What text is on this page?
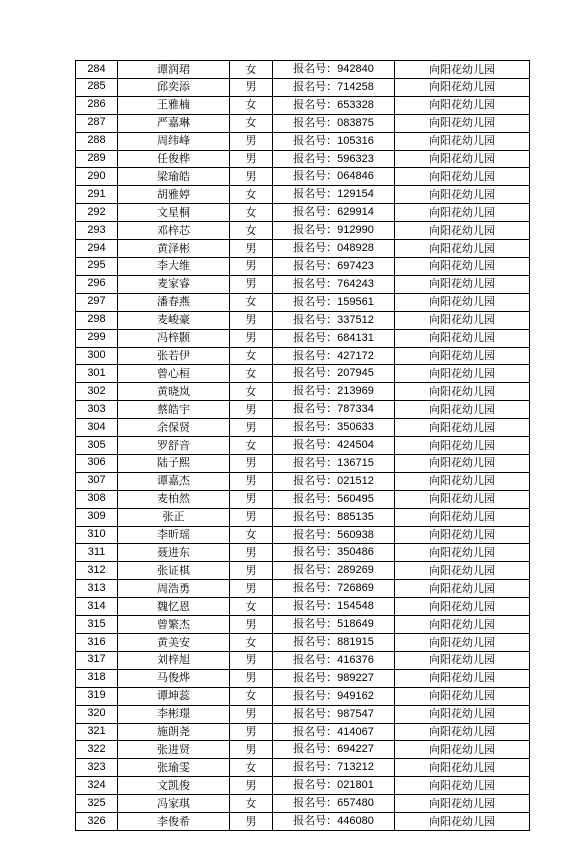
284	谭润珺	女	报名号：942840	向阳花幼儿园
285	邱奕添	男	报名号：714258	向阳花幼儿园
286	王雅楠	女	报名号：653328	向阳花幼儿园
287	严嘉琳	女	报名号：083875	向阳花幼儿园
288	周纬峰	男	报名号：105316	向阳花幼儿园
289	任俊桦	男	报名号：596323	向阳花幼儿园
290	梁瑜皓	男	报名号：064846	向阳花幼儿园
291	胡雅婷	女	报名号：129154	向阳花幼儿园
292	文星桐	女	报名号：629914	向阳花幼儿园
293	邓梓芯	女	报名号：912990	向阳花幼儿园
294	黄泽彬	男	报名号：048928	向阳花幼儿园
295	李大维	男	报名号：697423	向阳花幼儿园
296	麦家睿	男	报名号：764243	向阳花幼儿园
297	潘春燕	女	报名号：159561	向阳花幼儿园
298	麦峻豪	男	报名号：337512	向阳花幼儿园
299	冯梓颢	男	报名号：684131	向阳花幼儿园
300	张若伊	女	报名号：427172	向阳花幼儿园
301	曾心桓	女	报名号：207945	向阳花幼儿园
302	黄晓岚	女	报名号：213969	向阳花幼儿园
303	蔡皓宇	男	报名号：787334	向阳花幼儿园
304	余保贤	男	报名号：350633	向阳花幼儿园
305	罗舒音	女	报名号：424504	向阳花幼儿园
306	陆子熙	男	报名号：136715	向阳花幼儿园
307	谭嘉杰	男	报名号：021512	向阳花幼儿园
308	麦柏然	男	报名号：560495	向阳花幼儿园
309	张正	男	报名号：885135	向阳花幼儿园
310	李昕瑶	女	报名号：560938	向阳花幼儿园
311	聂进东	男	报名号：350486	向阳花幼儿园
312	张证棋	男	报名号：289269	向阳花幼儿园
313	周浩勇	男	报名号：726869	向阳花幼儿园
314	魏忆恩	女	报名号：154548	向阳花幼儿园
315	曾繁杰	男	报名号：518649	向阳花幼儿园
316	黄美安	女	报名号：881915	向阳花幼儿园
317	刘梓旭	男	报名号：416376	向阳花幼儿园
318	马俊烨	男	报名号：989227	向阳花幼儿园
319	谭坤蕊	女	报名号：949162	向阳花幼儿园
320	李彬璟	男	报名号：987547	向阳花幼儿园
321	施朗尧	男	报名号：414067	向阳花幼儿园
322	张进贤	男	报名号：694227	向阳花幼儿园
323	张瑜雯	女	报名号：713212	向阳花幼儿园
324	文凯俊	男	报名号：021801	向阳花幼儿园
325	冯家琪	女	报名号：657480	向阳花幼儿园
326	李俊希	男	报名号：446080	向阳花幼儿园
